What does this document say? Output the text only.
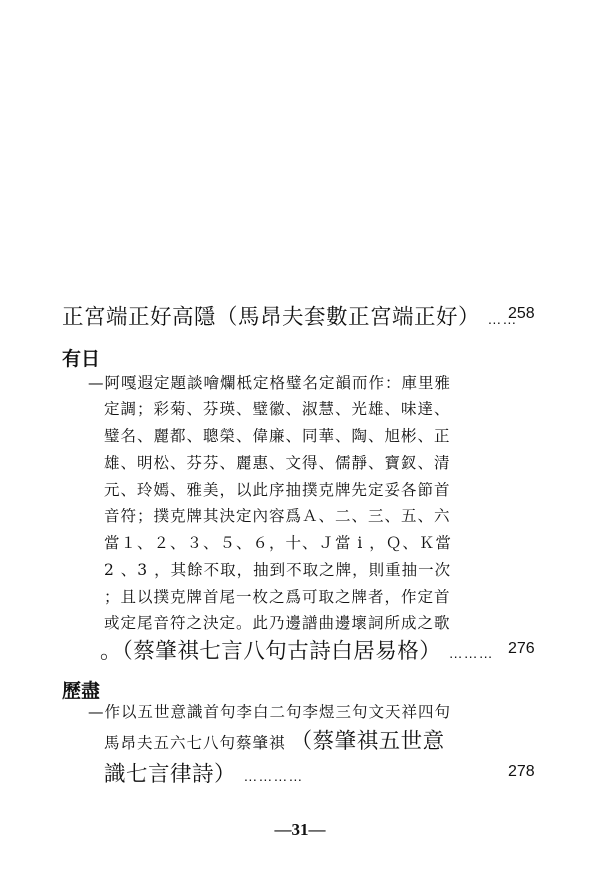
正宮端正好高隱（馬昂夫套數正宮端正好） ……
258
有日
—阿嘎遐定題談噲爛柢定格璧名定韻而作：庫里雅
定調；彩菊、芬瑛、璧徽、淑慧、光雄、味達、
璧名、麗都、聰榮、偉廉、同華、陶、旭彬、正
雄、明松、芬芬、麗惠、文得、儒靜、寶釵、清
元、玲嫣、雅美，以此序抽撲克牌先定妥各節首
音符；撲克牌其決定內容爲Ａ、二、三、五、六
當１、２、３、５、６，十、Ｊ當 i ，Ｑ、Ｋ當
2 、3 ，其餘不取，抽到不取之牌，則重抽一次
；且以撲克牌首尾一枚之爲可取之牌者，作定首
或定尾音符之決定。此乃邊譜曲邊壞詞所成之歌
。（蔡肇祺七言八句古詩白居易格） ……… 276
歷盡
—作以五世意識首句李白二句李煜三句文天祥四句
馬昂夫五六七八句蔡肇祺 （蔡肇祺五世意
識七言律詩） …………	278
—31—
